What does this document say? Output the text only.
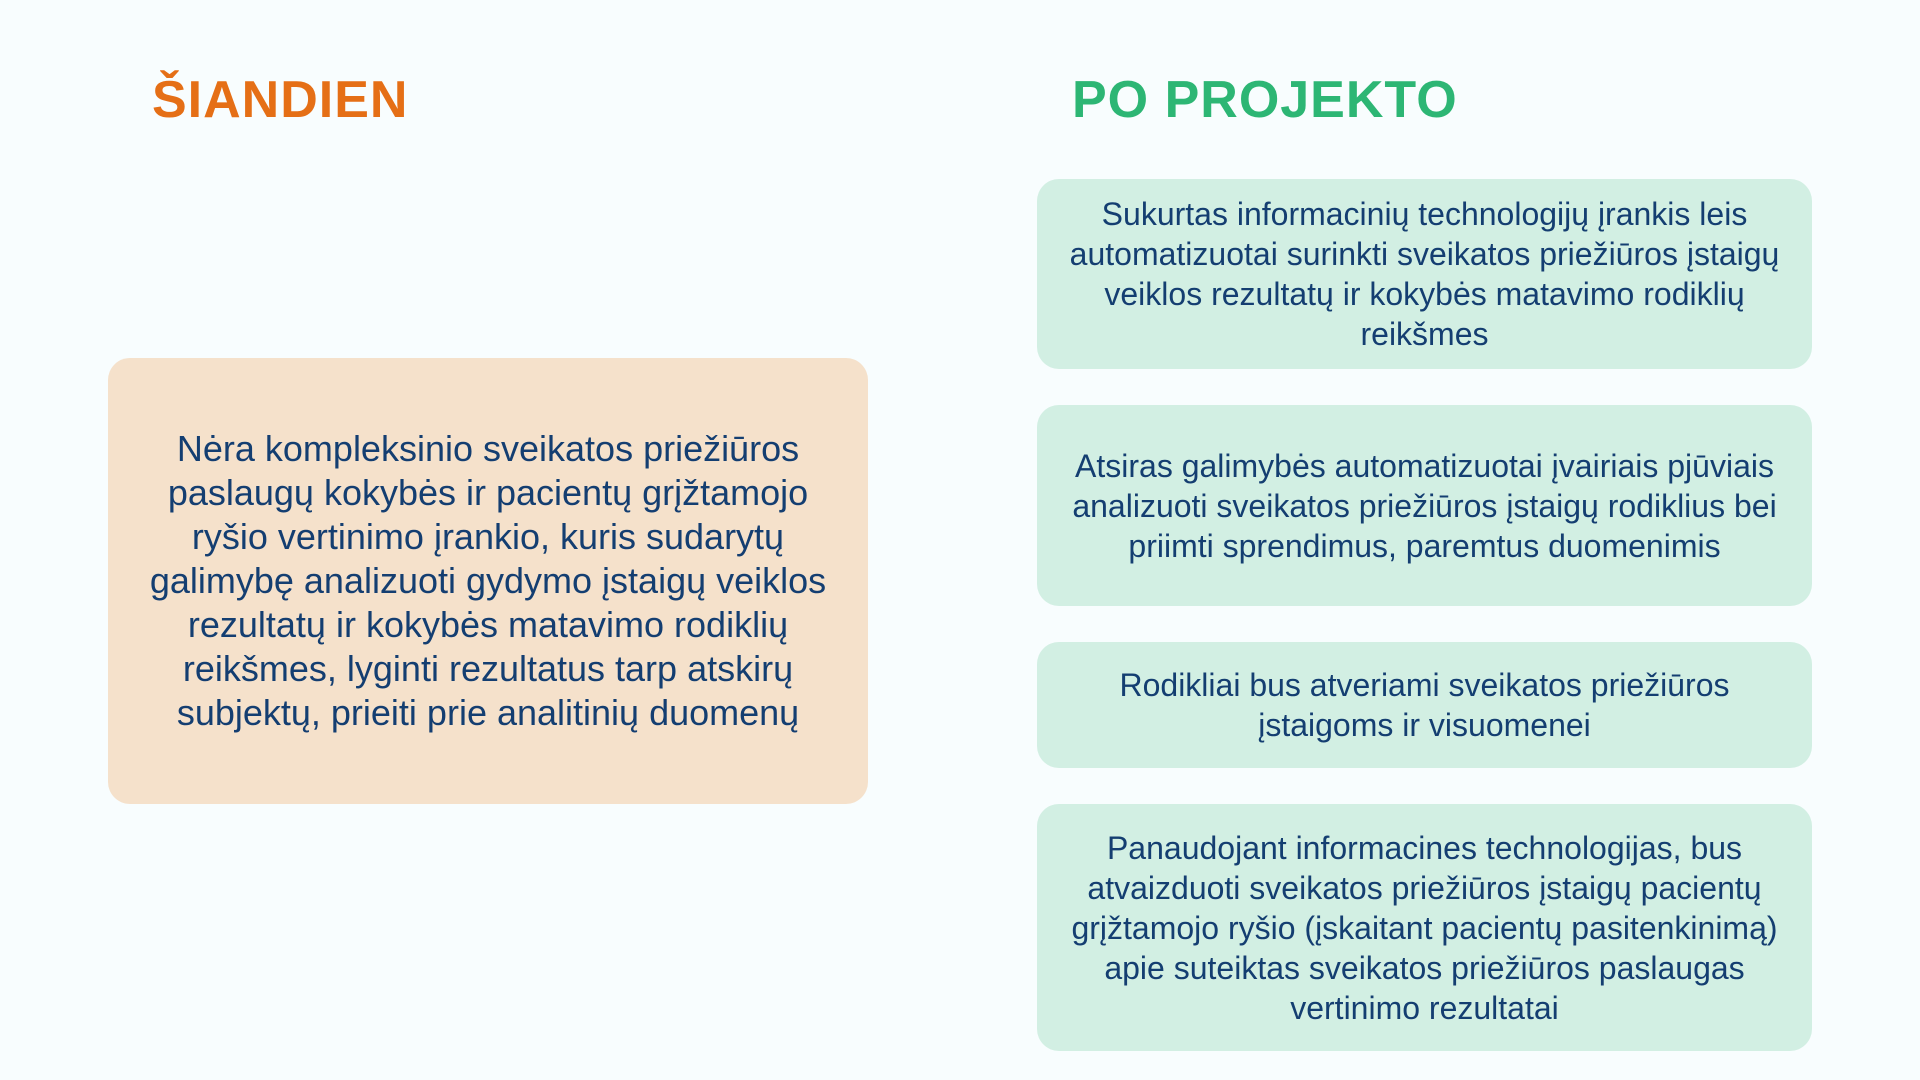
ŠIANDIEN	PO PROJEKTO
Nėra kompleksinio sveikatos priežiūros paslaugų kokybės ir pacientų grįžtamojo ryšio vertinimo įrankio, kuris sudarytų galimybę analizuoti gydymo įstaigų veiklos rezultatų ir kokybės matavimo rodiklių reikšmes, lyginti rezultatus tarp atskirų subjektų, prieiti prie analitinių duomenų
Sukurtas informacinių technologijų įrankis leis automatizuotai surinkti sveikatos priežiūros įstaigų veiklos rezultatų ir kokybės matavimo rodiklių reikšmes
Atsiras galimybės automatizuotai įvairiais pjūviais analizuoti sveikatos priežiūros įstaigų rodiklius bei priimti sprendimus, paremtus duomenimis
Rodikliai bus atveriami sveikatos priežiūros įstaigoms ir visuomenei
Panaudojant informacines technologijas, bus atvaizduoti sveikatos priežiūros įstaigų pacientų grįžtamojo ryšio (įskaitant pacientų pasitenkinimą) apie suteiktas sveikatos priežiūros paslaugas vertinimo rezultatai
